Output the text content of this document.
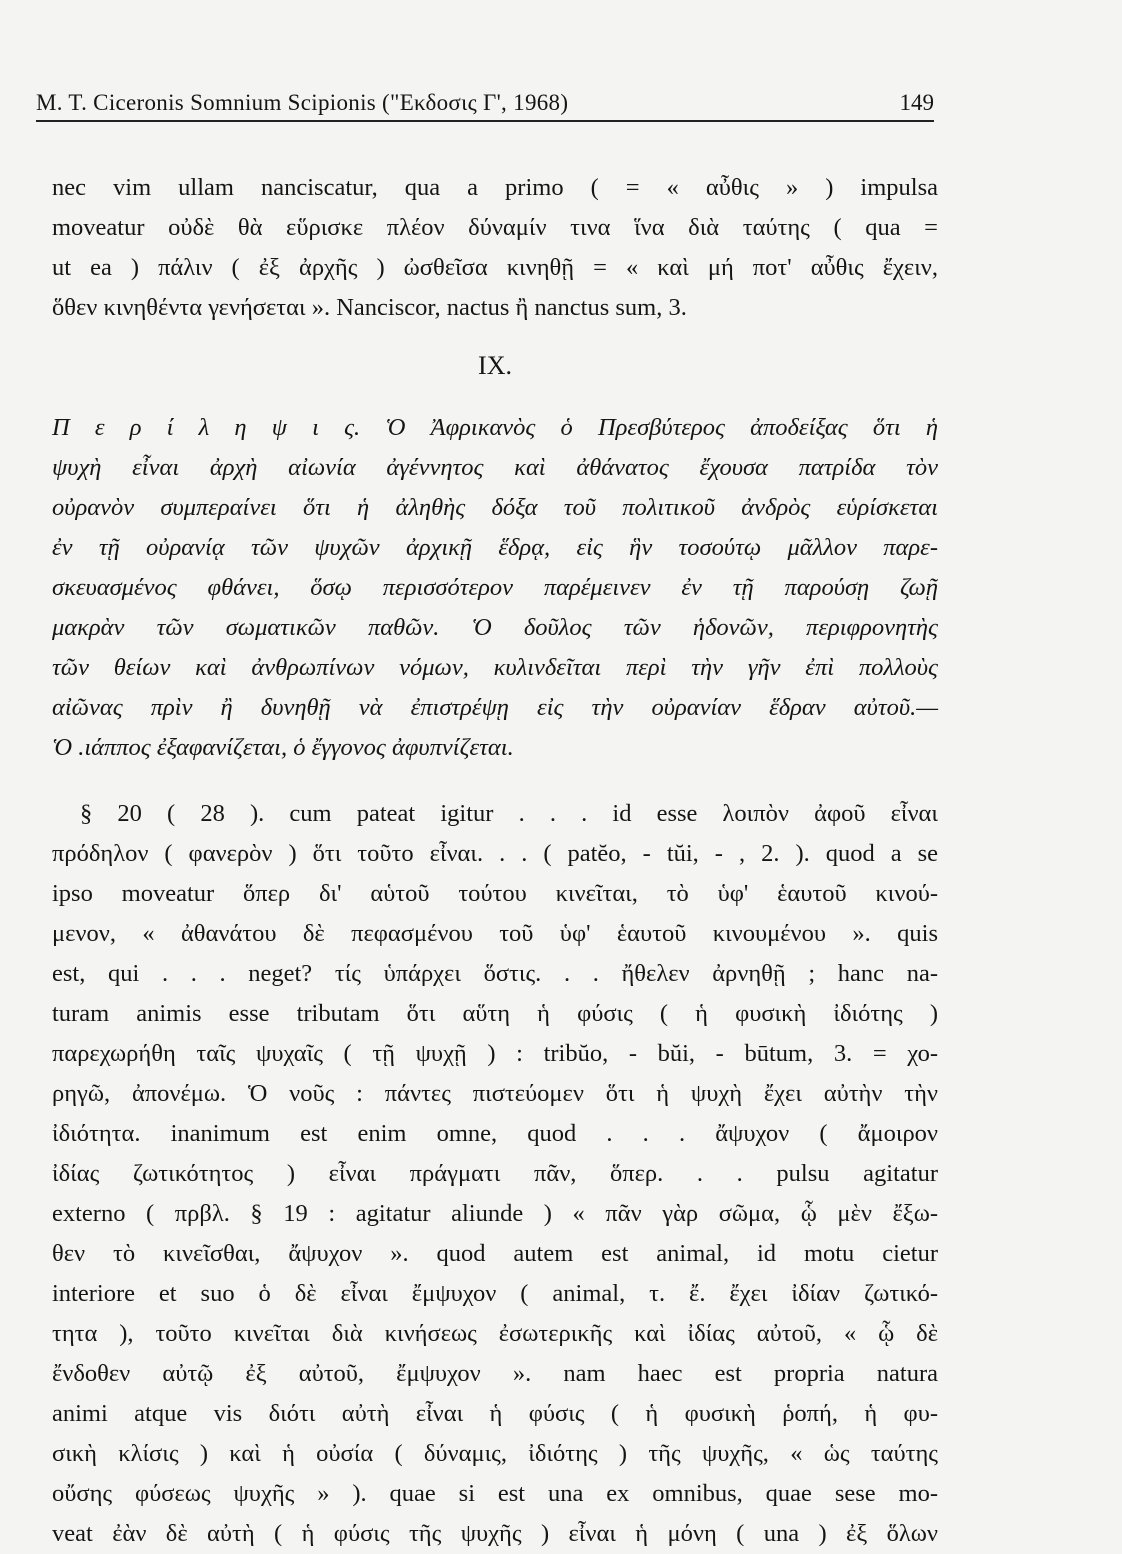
M. T. Ciceronis Somnium Scipionis ("Εκδοσις Γ', 1968)	149
nec vim ullam nanciscatur, qua a primo ( = « αὖθις » ) impulsa
moveatur οὐδὲ θὰ εὕρισκε πλέον δύναμίν τινα ἵνα διὰ ταύτης ( qua =
ut ea ) πάλιν ( ἐξ ἀρχῆς ) ὠσθεῖσα κινηθῇ = « καὶ μή ποτ' αὖθις ἔχειν,
ὅθεν κινηθέντα γενήσεται ». Nanciscor, nactus ἢ nanctus sum, 3.
IX.
Π ε ρ ί λ η ψ ι ς. Ὁ Ἀφρικανὸς ὁ Πρεσβύτερος ἀποδείξας ὅτι ἡ
ψυχὴ εἶναι ἀρχὴ αἰωνία ἀγέννητος καὶ ἀθάνατος ἔχουσα πατρίδα τὸν
οὐρανὸν συμπεραίνει ὅτι ἡ ἀληθὴς δόξα τοῦ πολιτικοῦ ἀνδρὸς εὑρίσκεται
ἐν τῇ οὐρανίᾳ τῶν ψυχῶν ἀρχικῇ ἕδρᾳ, εἰς ἣν τοσούτῳ μᾶλλον παρε-
σκευασμένος φθάνει, ὅσῳ περισσότερον παρέμεινεν ἐν τῇ παρούσῃ ζωῇ
μακρὰν τῶν σωματικῶν παθῶν. Ὁ δοῦλος τῶν ἡδονῶν, περιφρονητὴς
τῶν θείων καὶ ἀνθρωπίνων νόμων, κυλινδεῖται περὶ τὴν γῆν ἐπὶ πολλοὺς
αἰῶνας πρὶν ἢ δυνηθῇ νὰ ἐπιστρέψῃ εἰς τὴν οὐρανίαν ἕδραν αὐτοῦ.—
Ὁ .ιάππος ἐξαφανίζεται, ὁ ἔγγονος ἀφυπνίζεται.
§ 20 ( 28 ). cum pateat igitur . . . id esse λοιπὸν ἀφοῦ εἶναι
πρόδηλον ( φανερὸν ) ὅτι τοῦτο εἶναι. . . ( patĕo, - tŭi, - , 2. ). quod a se
ipso moveatur ὅπερ δι' αὑτοῦ τούτου κινεῖται, τὸ ὑφ' ἑαυτοῦ κινού-
μενον, « ἀθανάτου δὲ πεφασμένου τοῦ ὑφ' ἑαυτοῦ κινουμένου ». quis
est, qui . . . neget? τίς ὑπάρχει ὅστις. . . ἤθελεν ἀρνηθῇ ; hanc na-
turam animis esse tributam ὅτι αὕτη ἡ φύσις ( ἡ φυσικὴ ἰδιότης )
παρεχωρήθη ταῖς ψυχαῖς ( τῇ ψυχῇ ) : tribŭo, - bŭi, - būtum, 3. = χο-
ρηγῶ, ἀπονέμω. Ὁ νοῦς : πάντες πιστεύομεν ὅτι ἡ ψυχὴ ἔχει αὐτὴν τὴν
ἰδιότητα. inanimum est enim omne, quod . . . ἄψυχον ( ἄμοιρον
ἰδίας ζωτικότητος ) εἶναι πράγματι πᾶν, ὅπερ. . . pulsu agitatur
externo ( πρβλ. § 19 : agitatur aliunde ) « πᾶν γὰρ σῶμα, ᾧ μὲν ἔξω-
θεν τὸ κινεῖσθαι, ἄψυχον ». quod autem est animal, id motu cietur
interiore et suo ὁ δὲ εἶναι ἔμψυχον ( animal, τ. ἔ. ἔχει ἰδίαν ζωτικό-
τητα ), τοῦτο κινεῖται διὰ κινήσεως ἐσωτερικῆς καὶ ἰδίας αὐτοῦ, « ᾧ δὲ
ἔνδοθεν αὐτῷ ἐξ αὐτοῦ, ἔμψυχον ». nam haec est propria natura
animi atque vis διότι αὐτὴ εἶναι ἡ φύσις ( ἡ φυσικὴ ῥοπή, ἡ φυ-
σικὴ κλίσις ) καὶ ἡ οὐσία ( δύναμις, ἰδιότης ) τῆς ψυχῆς, « ὡς ταύτης
οὔσης φύσεως ψυχῆς » ). quae si est una ex omnibus, quae sese mo-
veat ἐὰν δὲ αὐτὴ ( ἡ φύσις τῆς ψυχῆς ) εἶναι ἡ μόνη ( una ) ἐξ ὅλων
